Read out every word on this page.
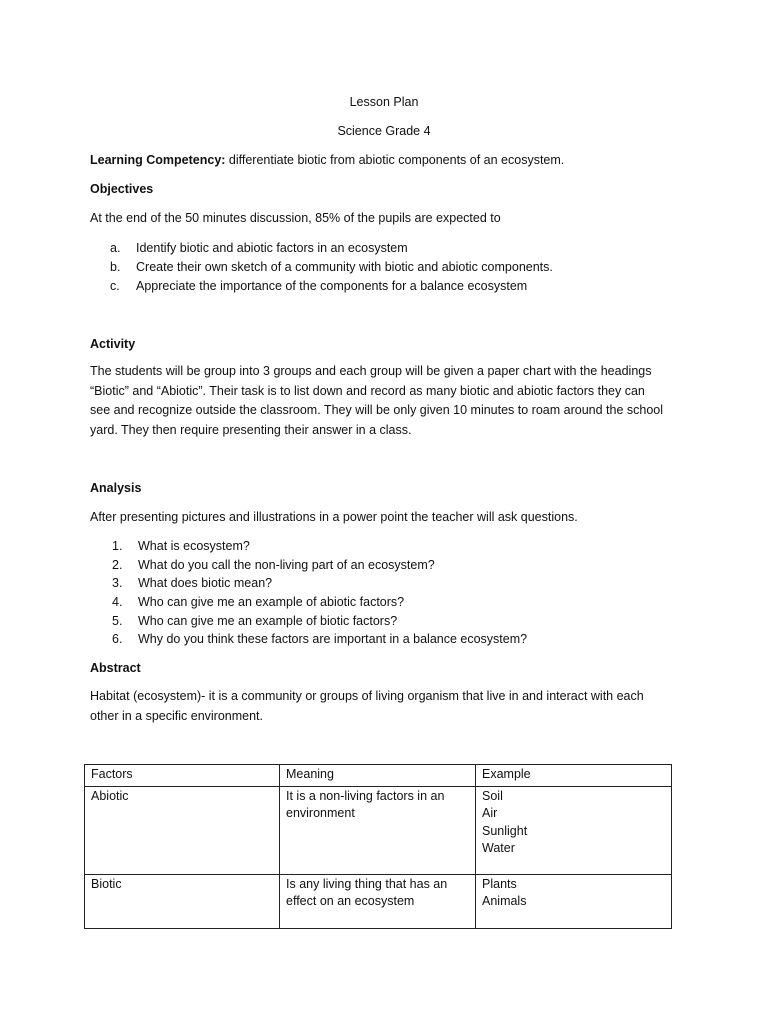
Lesson Plan
Science Grade 4
Learning Competency: differentiate biotic from abiotic components of an ecosystem.
Objectives
At the end of the 50 minutes discussion, 85% of the pupils are expected to
a. Identify biotic and abiotic factors in an ecosystem
b. Create their own sketch of a community with biotic and abiotic components.
c. Appreciate the importance of the components for a balance ecosystem
Activity
The students will be group into 3 groups and each group will be given a paper chart with the headings
“Biotic” and “Abiotic”. Their task is to list down and record as many biotic and abiotic factors they can
see and recognize outside the classroom. They will be only given 10 minutes to roam around the school
yard. They then require presenting their answer in a class.
Analysis
After presenting pictures and illustrations in a power point the teacher will ask questions.
1. What is ecosystem?
2. What do you call the non-living part of an ecosystem?
3. What does biotic mean?
4. Who can give me an example of abiotic factors?
5. Who can give me an example of biotic factors?
6. Why do you think these factors are important in a balance ecosystem?
Abstract
Habitat (ecosystem)- it is a community or groups of living organism that live in and interact with each
other in a specific environment.
Factors	Meaning	Example

Abiotic	It is a non-living factors in an
environment	Soil
Air
Sunlight
Water

Biotic	Is any living thing that has an
effect on an ecosystem	Plants
Animals
